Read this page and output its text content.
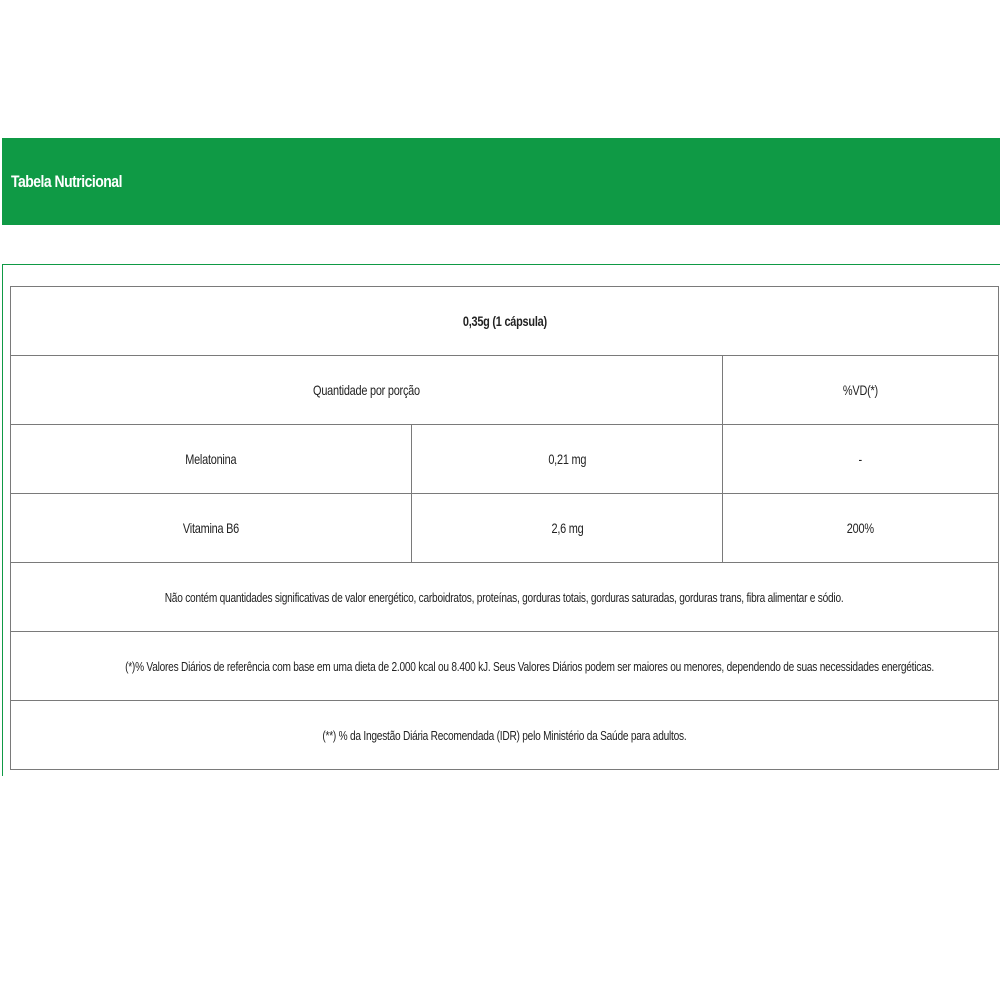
Tabela Nutricional
0,35g (1 cápsula)		
Quantidade por porção		%VD(*)
Melatonina	0,21 mg	-
Vitamina B6	2,6 mg	200%
Não contém quantidades significativas de valor energético, carboidratos, proteínas, gorduras totais, gorduras saturadas, gorduras trans, fibra alimentar e sódio.		
(*)% Valores Diários de referência com base em uma dieta de 2.000 kcal ou 8.400 kJ. Seus Valores Diários podem ser maiores ou menores, dependendo de suas necessidades energéticas.		
(**) % da Ingestão Diária Recomendada (IDR) pelo Ministério da Saúde para adultos.		
